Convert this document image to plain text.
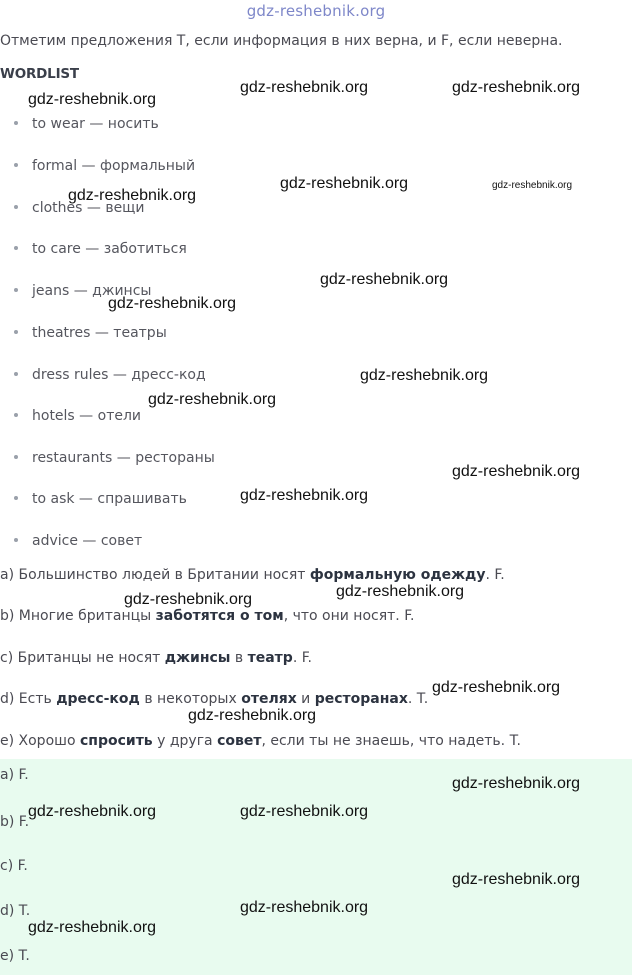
gdz-reshebnik.org
Отметим предложения T, если информация в них верна, и F, если неверна.
WORDLIST
to wear — носить
formal — формальный
clothes — вещи
to care — заботиться
jeans — джинсы
theatres — театры
dress rules — дресс-код
hotels — отели
restaurants — рестораны
to ask — спрашивать
advice — совет
a) Большинство людей в Британии носят формальную одежду. F.
b) Многие британцы заботятся о том, что они носят. F.
c) Британцы не носят джинсы в театр. F.
d) Есть дресс-код в некоторых отелях и ресторанах. T.
e) Хорошо спросить у друга совет, если ты не знаешь, что надеть. T.
a) F.
b) F.
c) F.
d) T.
e) T.
gdz-reshebnik.org
gdz-reshebnik.org	gdz-reshebnik.org
gdz-reshebnik.org
gdz-reshebnik.org	gdz-reshebnik.org
gdz-reshebnik.org
gdz-reshebnik.org
gdz-reshebnik.org
gdz-reshebnik.org
gdz-reshebnik.org
gdz-reshebnik.org
gdz-reshebnik.org
gdz-reshebnik.org
gdz-reshebnik.org
gdz-reshebnik.org
gdz-reshebnik.org
gdz-reshebnik.org	gdz-reshebnik.org
gdz-reshebnik.org
gdz-reshebnik.org
gdz-reshebnik.org
